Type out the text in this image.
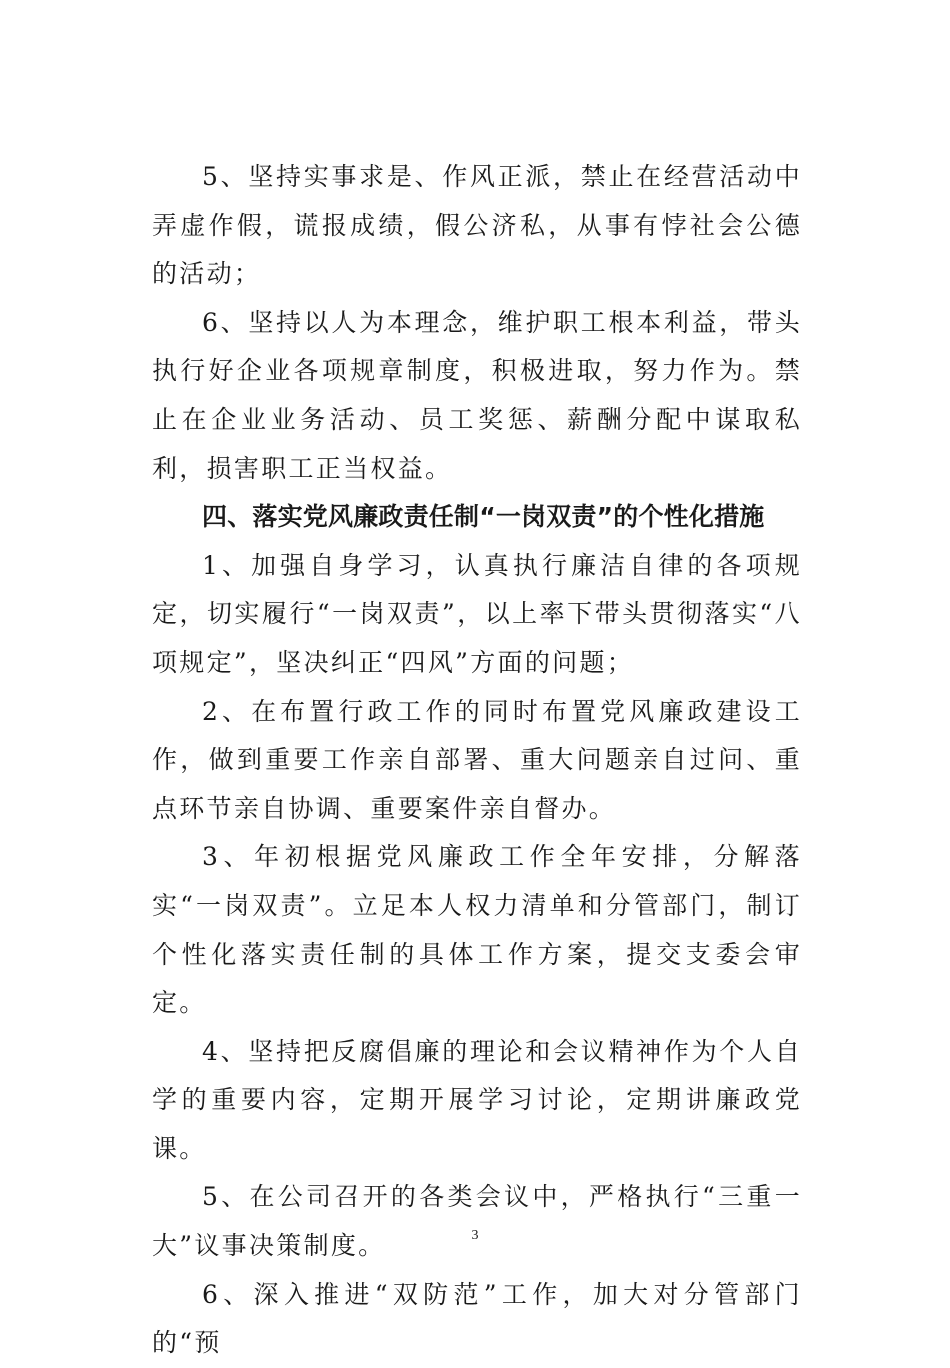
5、坚持实事求是、作风正派，禁止在经营活动中弄虚作假，谎报成绩，假公济私，从事有悖社会公德的活动；

6、坚持以人为本理念，维护职工根本利益，带头执行好企业各项规章制度，积极进取，努力作为。禁止在企业业务活动、员工奖惩、薪酬分配中谋取私利，损害职工正当权益。

四、落实党风廉政责任制“一岗双责”的个性化措施

1、加强自身学习，认真执行廉洁自律的各项规定，切实履行“一岗双责”，以上率下带头贯彻落实“八项规定”，坚决纠正“四风”方面的问题；

2、在布置行政工作的同时布置党风廉政建设工作，做到重要工作亲自部署、重大问题亲自过问、重点环节亲自协调、重要案件亲自督办。

3、年初根据党风廉政工作全年安排，分解落实“一岗双责”。立足本人权力清单和分管部门，制订个性化落实责任制的具体工作方案，提交支委会审定。

4、坚持把反腐倡廉的理论和会议精神作为个人自学的重要内容，定期开展学习讨论，定期讲廉政党课。

5、在公司召开的各类会议中，严格执行“三重一大”议事决策制度。

6、深入推进“双防范”工作，加大对分管部门的“预

3
